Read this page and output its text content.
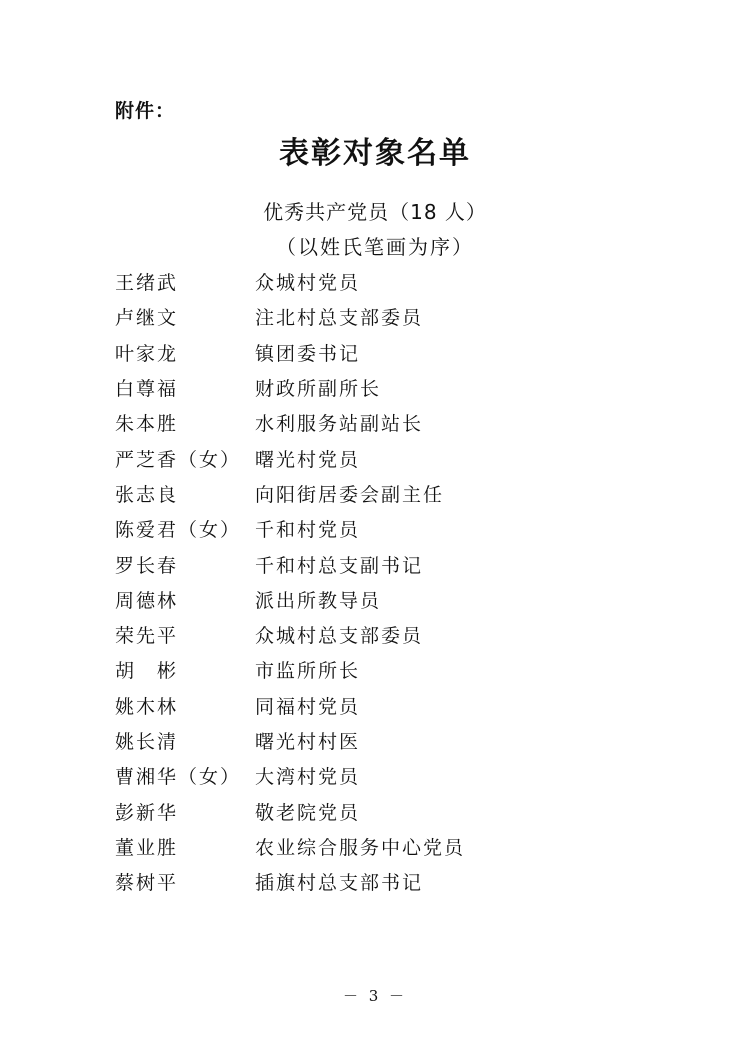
附件：
表彰对象名单
优秀共产党员（18 人）
（以姓氏笔画为序）
王绪武	众城村党员
卢继文	注北村总支部委员
叶家龙	镇团委书记
白尊福	财政所副所长
朱本胜	水利服务站副站长
严芝香（女） 曙光村党员
张志良	向阳街居委会副主任
陈爱君（女） 千和村党员
罗长春	千和村总支副书记
周德林	派出所教导员
荣先平	众城村总支部委员
胡　彬	市监所所长
姚木林	同福村党员
姚长清	曙光村村医
曹湘华（女） 大湾村党员
彭新华	敬老院党员
董业胜	农业综合服务中心党员
蔡树平	插旗村总支部书记
－ 3 －
